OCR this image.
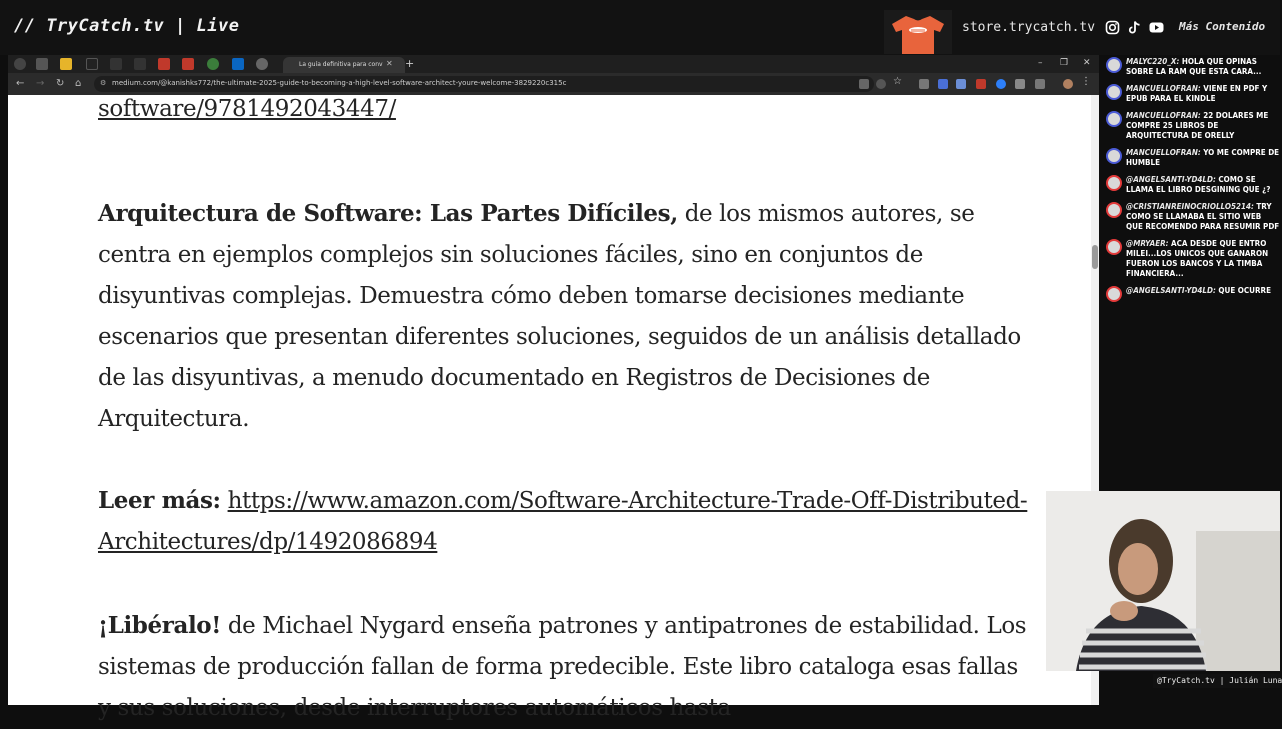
// TryCatch.tv | Live	store.trycatch.tv	Más Contenido
La guía definitiva para conv ✕ +	– ❐ ✕
← → ↻ ⌂	⚙ medium.com/@kanishks772/the-ultimate-2025-guide-to-becoming-a-high-level-software-architect-youre-welcome-3829220c315c	☆	⋮

software/9781492043447/

Arquitectura de Software: Las Partes Difíciles, de los mismos autores, se centra en ejemplos complejos sin soluciones fáciles, sino en conjuntos de disyuntivas complejas. Demuestra cómo deben tomarse decisiones mediante escenarios que presentan diferentes soluciones, seguidos de un análisis detallado de las disyuntivas, a menudo documentado en Registros de Decisiones de Arquitectura.

Leer más: https://www.amazon.com/Software-Architecture-Trade-Off-Distributed-Architectures/dp/1492086894

¡Libéralo! de Michael Nygard enseña patrones y antipatrones de estabilidad. Los sistemas de producción fallan de forma predecible. Este libro cataloga esas fallas y sus soluciones, desde interruptores automáticos hasta

MALYC220_X: HOLA QUE OPINAS SOBRE LA RAM QUE ESTA CARA...
MANCUELLOFRAN: VIENE EN PDF Y EPUB PARA EL KINDLE
MANCUELLOFRAN: 22 DOLARES ME COMPRE 25 LIBROS DE ARQUITECTURA DE ORELLY
MANCUELLOFRAN: YO ME COMPRE DE HUMBLE
@ANGELSANTI-YD4LD: COMO SE LLAMA EL LIBRO DESGINING QUE ¿?
@CRISTIANREINOCRIOLLO5214: TRY COMO SE LLAMABA EL SITIO WEB QUE RECOMENDO PARA RESUMIR PDF
@MRYAER: ACA DESDE QUE ENTRO MILEI...LOS UNICOS QUE GANARON FUERON LOS BANCOS Y LA TIMBA FINANCIERA...
@ANGELSANTI-YD4LD: QUE OCURRE
@TryCatch.tv | Julián Luna
